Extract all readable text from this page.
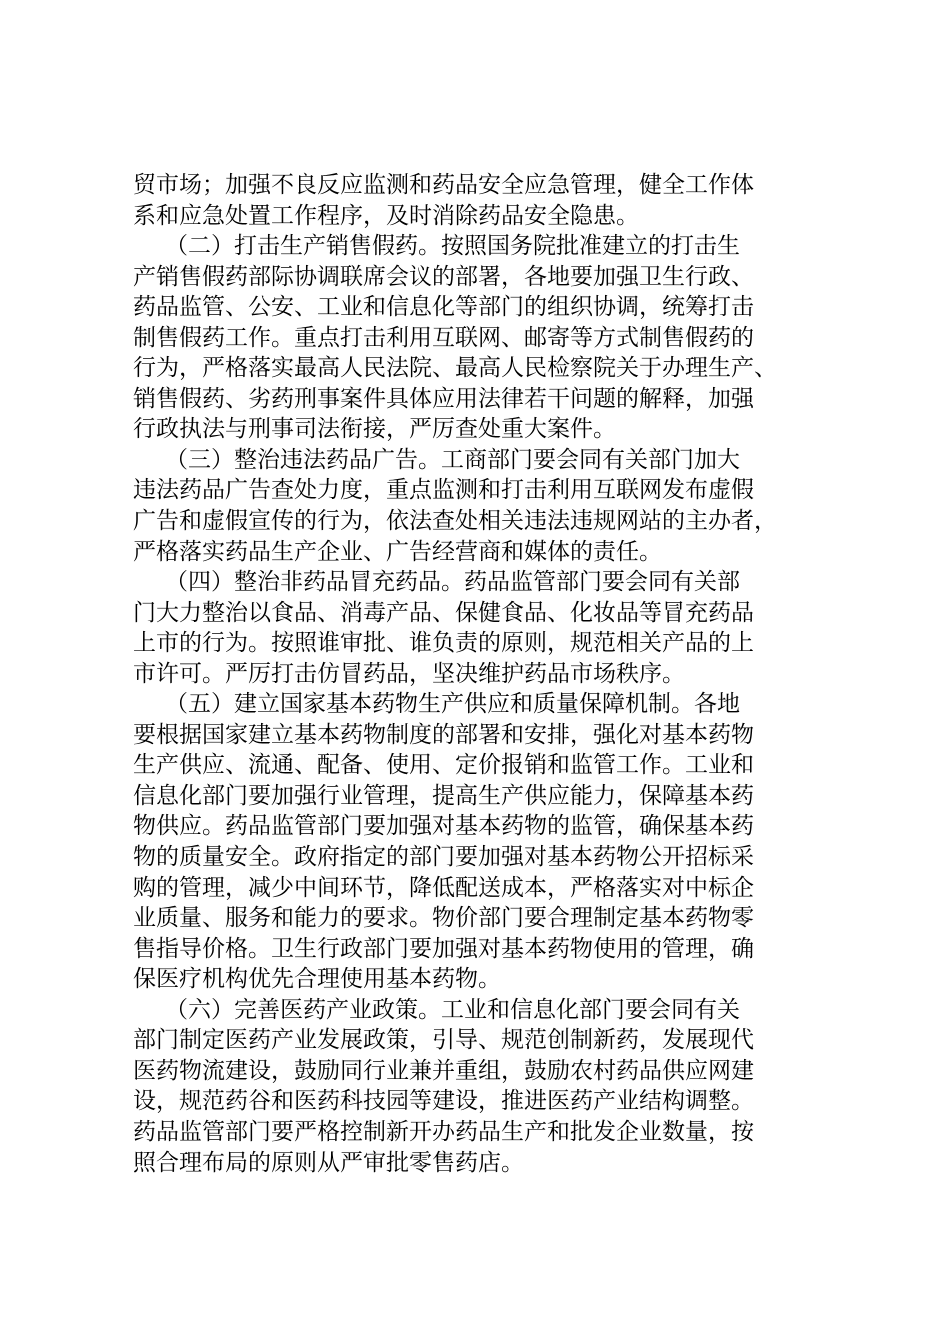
贸市场；加强不良反应监测和药品安全应急管理，健全工作体
系和应急处置工作程序，及时消除药品安全隐患。
（二）打击生产销售假药。按照国务院批准建立的打击生
产销售假药部际协调联席会议的部署，各地要加强卫生行政、
药品监管、公安、工业和信息化等部门的组织协调，统筹打击
制售假药工作。重点打击利用互联网、邮寄等方式制售假药的
行为，严格落实最高人民法院、最高人民检察院关于办理生产、
销售假药、劣药刑事案件具体应用法律若干问题的解释，加强
行政执法与刑事司法衔接，严厉查处重大案件。
（三）整治违法药品广告。工商部门要会同有关部门加大
违法药品广告查处力度，重点监测和打击利用互联网发布虚假
广告和虚假宣传的行为，依法查处相关违法违规网站的主办者，
严格落实药品生产企业、广告经营商和媒体的责任。
（四）整治非药品冒充药品。药品监管部门要会同有关部
门大力整治以食品、消毒产品、保健食品、化妆品等冒充药品
上市的行为。按照谁审批、谁负责的原则，规范相关产品的上
市许可。严厉打击仿冒药品，坚决维护药品市场秩序。
（五）建立国家基本药物生产供应和质量保障机制。各地
要根据国家建立基本药物制度的部署和安排，强化对基本药物
生产供应、流通、配备、使用、定价报销和监管工作。工业和
信息化部门要加强行业管理，提高生产供应能力，保障基本药
物供应。药品监管部门要加强对基本药物的监管，确保基本药
物的质量安全。政府指定的部门要加强对基本药物公开招标采
购的管理，减少中间环节，降低配送成本，严格落实对中标企
业质量、服务和能力的要求。物价部门要合理制定基本药物零
售指导价格。卫生行政部门要加强对基本药物使用的管理，确
保医疗机构优先合理使用基本药物。
（六）完善医药产业政策。工业和信息化部门要会同有关
部门制定医药产业发展政策，引导、规范创制新药，发展现代
医药物流建设，鼓励同行业兼并重组，鼓励农村药品供应网建
设，规范药谷和医药科技园等建设，推进医药产业结构调整。
药品监管部门要严格控制新开办药品生产和批发企业数量，按
照合理布局的原则从严审批零售药店。
